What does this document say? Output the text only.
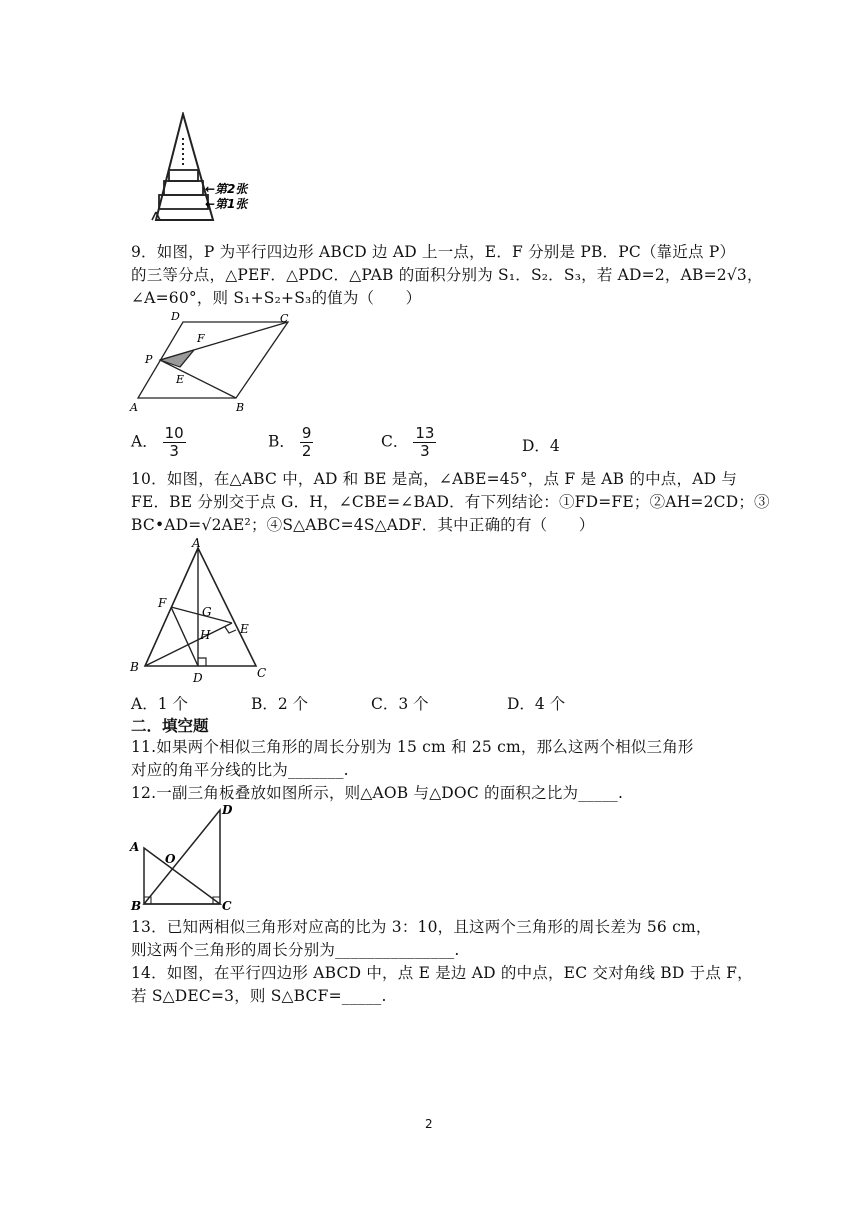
←第2张
←第1张
9．如图，P 为平行四边形 ABCD 边 AD 上一点，E．F 分别是 PB．PC（靠近点 P）
的三等分点，△PEF．△PDC．△PAB 的面积分别为 S₁．S₂．S₃，若 AD=2，AB=2√3，
∠A=60°，则 S₁+S₂+S₃的值为（　　）
D	C
F
P
E
A	B
A． $\frac{10}{3}$	B． $\frac{9}{2}$	C． $\frac{13}{3}$	D．4
10．如图，在△ABC 中，AD 和 BE 是高，∠ABE=45°，点 F 是 AB 的中点，AD 与
FE．BE 分别交于点 G．H，∠CBE=∠BAD．有下列结论：①FD=FE；②AH=2CD；③
BC•AD=√2AE²；④S△ABC=4S△ADF．其中正确的有（　　）
A
F
G
H E
B
D	C
A．1 个	B．2 个	C．3 个	D．4 个
二．填空题
11.如果两个相似三角形的周长分别为 15 cm 和 25 cm，那么这两个相似三角形
对应的角平分线的比为_______.
12.一副三角板叠放如图所示，则△AOB 与△DOC 的面积之比为_____.
A
O
D
B	C
13．已知两相似三角形对应高的比为 3：10，且这两个三角形的周长差为 56 cm，
则这两个三角形的周长分别为_______________.
14．如图，在平行四边形 ABCD 中，点 E 是边 AD 的中点，EC 交对角线 BD 于点 F，
若 S△DEC=3，则 S△BCF=_____.
2
